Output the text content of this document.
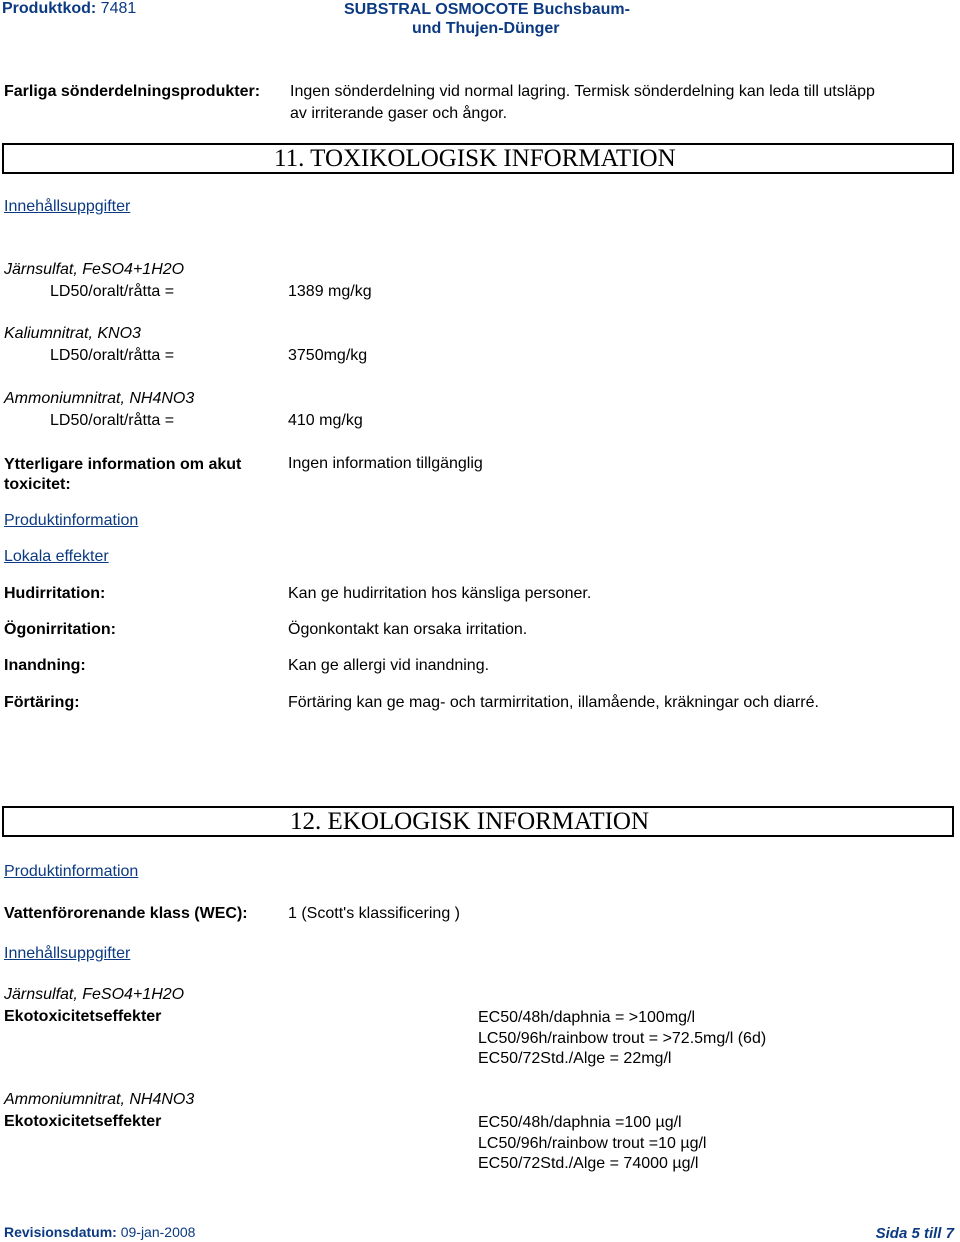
Produktkod: 7481	SUBSTRAL OSMOCOTE Buchsbaum-
und Thujen-Dünger
Farliga sönderdelningsprodukter: Ingen sönderdelning vid normal lagring. Termisk sönderdelning kan leda till utsläpp
av irriterande gaser och ångor.
11. TOXIKOLOGISK INFORMATION
Innehållsuppgifter
Järnsulfat, FeSO4+1H2O
LD50/oralt/råtta =	1389 mg/kg
Kaliumnitrat, KNO3
LD50/oralt/råtta =	3750mg/kg
Ammoniumnitrat, NH4NO3
LD50/oralt/råtta =	410 mg/kg
Ytterligare information om akut
toxicitet:
Ingen information tillgänglig
Produktinformation
Lokala effekter
Hudirritation:	Kan ge hudirritation hos känsliga personer.
Ögonirritation:	Ögonkontakt kan orsaka irritation.
Inandning:	Kan ge allergi vid inandning.
Förtäring:	Förtäring kan ge mag- och tarmirritation, illamående, kräkningar och diarré.
12. EKOLOGISK INFORMATION
Produktinformation
Vattenförorenande klass (WEC):	1 (Scott's klassificering )
Innehållsuppgifter
Järnsulfat, FeSO4+1H2O
Ekotoxicitetseffekter	EC50/48h/daphnia = >100mg/l
LC50/96h/rainbow trout = >72.5mg/l (6d)
EC50/72Std./Alge = 22mg/l
Ammoniumnitrat, NH4NO3
Ekotoxicitetseffekter	EC50/48h/daphnia =100 µg/l
LC50/96h/rainbow trout =10 µg/l
EC50/72Std./Alge = 74000 µg/l
Revisionsdatum: 09-jan-2008	Sida 5 till 7
